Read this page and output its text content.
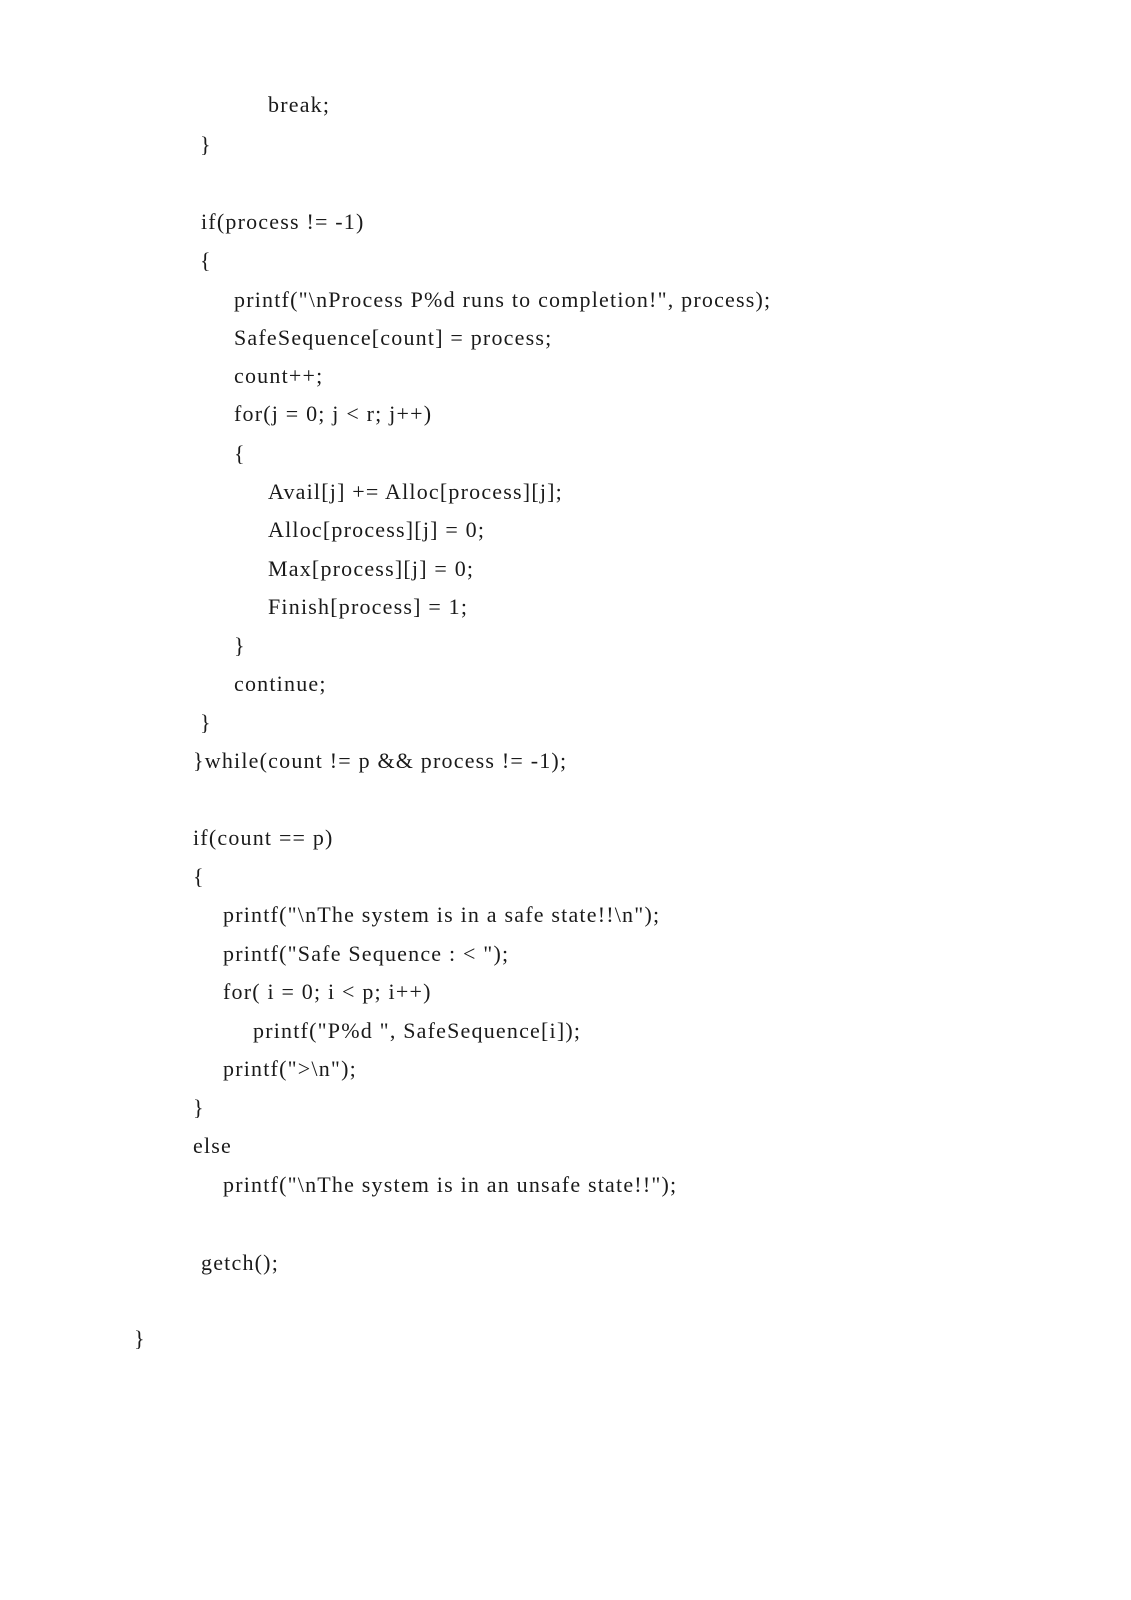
break;
}
if(process != -1)
{
printf("\nProcess P%d runs to completion!", process);
SafeSequence[count] = process;
count++;
for(j = 0; j < r; j++)
{
Avail[j] += Alloc[process][j];
Alloc[process][j] = 0;
Max[process][j] = 0;
Finish[process] = 1;
}
continue;
}
}while(count != p && process != -1);
if(count == p)
{
printf("\nThe system is in a safe state!!\n");
printf("Safe Sequence : < ");
for( i = 0; i < p; i++)
printf("P%d ", SafeSequence[i]);
printf(">\n");
}
else
printf("\nThe system is in an unsafe state!!");
getch();
}
